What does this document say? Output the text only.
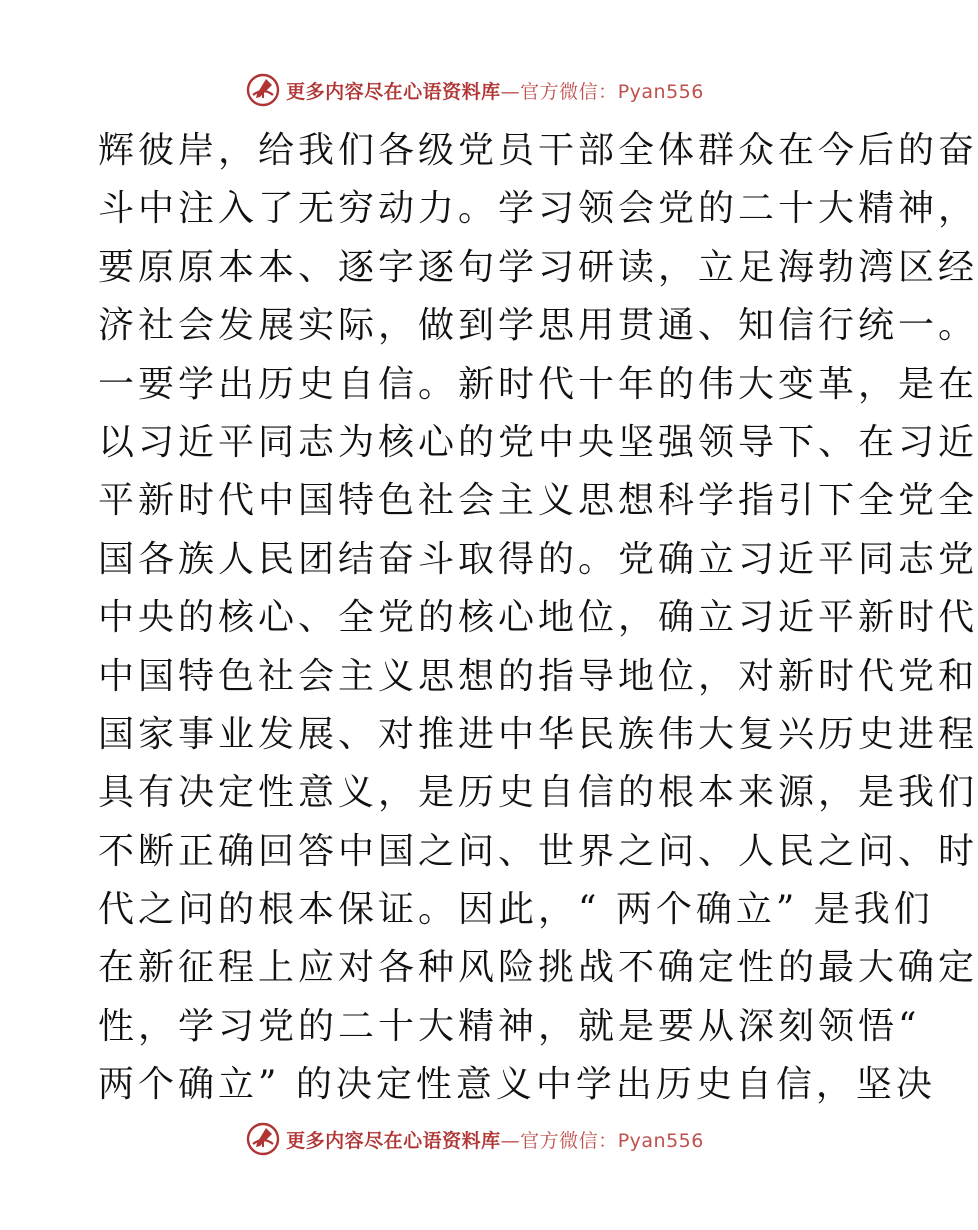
更多内容尽在心语资料库—官方微信：Pyan556
辉彼岸，给我们各级党员干部全体群众在今后的奋
斗中注入了无穷动力。学习领会党的二十大精神，
要原原本本、逐字逐句学习研读，立足海勃湾区经
济社会发展实际，做到学思用贯通、知信行统一。
一要学出历史自信。新时代十年的伟大变革，是在
以习近平同志为核心的党中央坚强领导下、在习近
平新时代中国特色社会主义思想科学指引下全党全
国各族人民团结奋斗取得的。党确立习近平同志党
中央的核心、全党的核心地位，确立习近平新时代
中国特色社会主义思想的指导地位，对新时代党和
国家事业发展、对推进中华民族伟大复兴历史进程
具有决定性意义，是历史自信的根本来源，是我们
不断正确回答中国之问、世界之问、人民之问、时
代之问的根本保证。因此，“ 两个确立” 是我们
在新征程上应对各种风险挑战不确定性的最大确定
性，学习党的二十大精神，就是要从深刻领悟“
两个确立” 的决定性意义中学出历史自信，坚决
更多内容尽在心语资料库—官方微信：Pyan556
